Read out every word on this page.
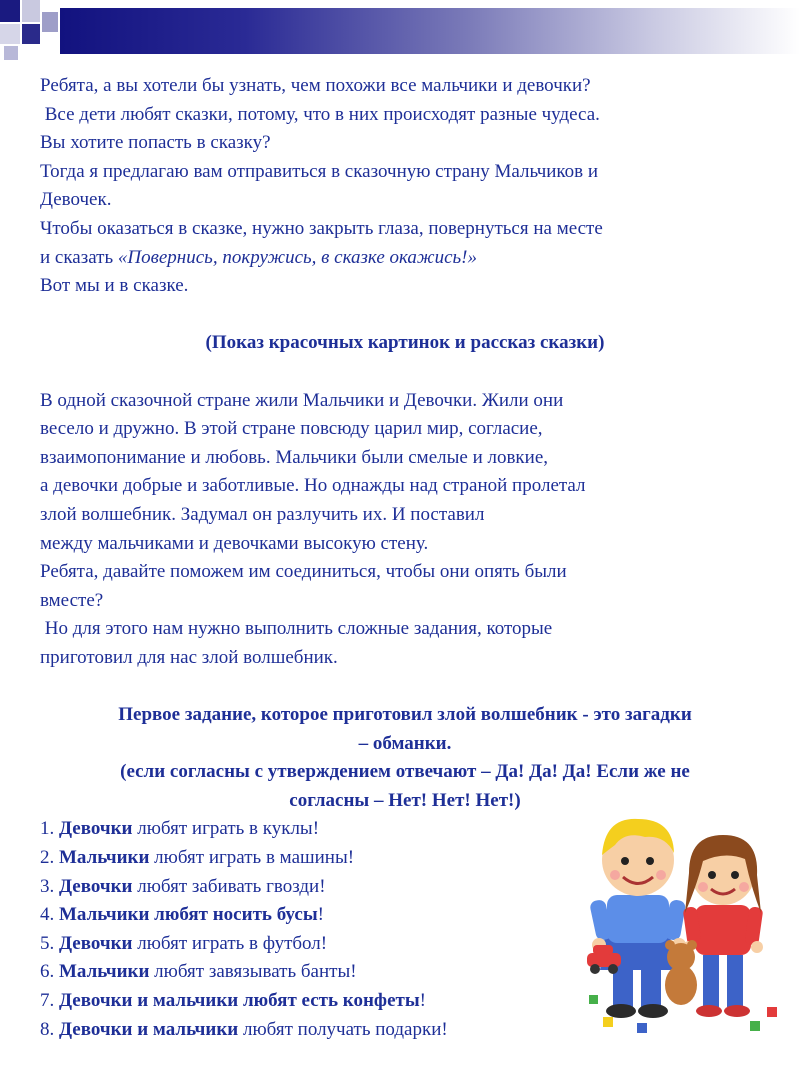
Ребята, а вы хотели бы узнать, чем похожи все мальчики и девочки?

Все дети любят сказки, потому, что в них происходят разные чудеса.

Вы хотите попасть в сказку?

Тогда я предлагаю вам отправиться в сказочную страну Мальчиков и

Девочек.

Чтобы оказаться в сказке, нужно закрыть глаза, повернуться на месте

и сказать «Повернись, покружись, в сказке окажись!»

Вот мы и в сказке.

(Показ красочных картинок и рассказ сказки)

В одной сказочной стране жили Мальчики и Девочки. Жили они

весело и дружно. В этой стране повсюду царил мир, согласие,

взаимопонимание и любовь. Мальчики были смелые и ловкие,

а девочки добрые и заботливые. Но однажды над страной пролетал

злой волшебник. Задумал он разлучить их. И поставил

между мальчиками и девочками высокую стену.

Ребята, давайте поможем им соединиться, чтобы они опять были

вместе?

Но для этого нам нужно выполнить сложные задания, которые

приготовил для нас злой волшебник.

Первое задание, которое приготовил злой волшебник - это загадки

– обманки.

(если согласны с утверждением отвечают – Да! Да! Да! Если же не

согласны – Нет! Нет! Нет!)

1. Девочки любят играть в куклы!

2. Мальчики любят играть в машины!

3. Девочки любят забивать гвозди!

4. Мальчики любят носить бусы!

5. Девочки любят играть в футбол!

6. Мальчики любят завязывать банты!

7. Девочки и мальчики любят есть конфеты!

8. Девочки и мальчики любят получать подарки!
